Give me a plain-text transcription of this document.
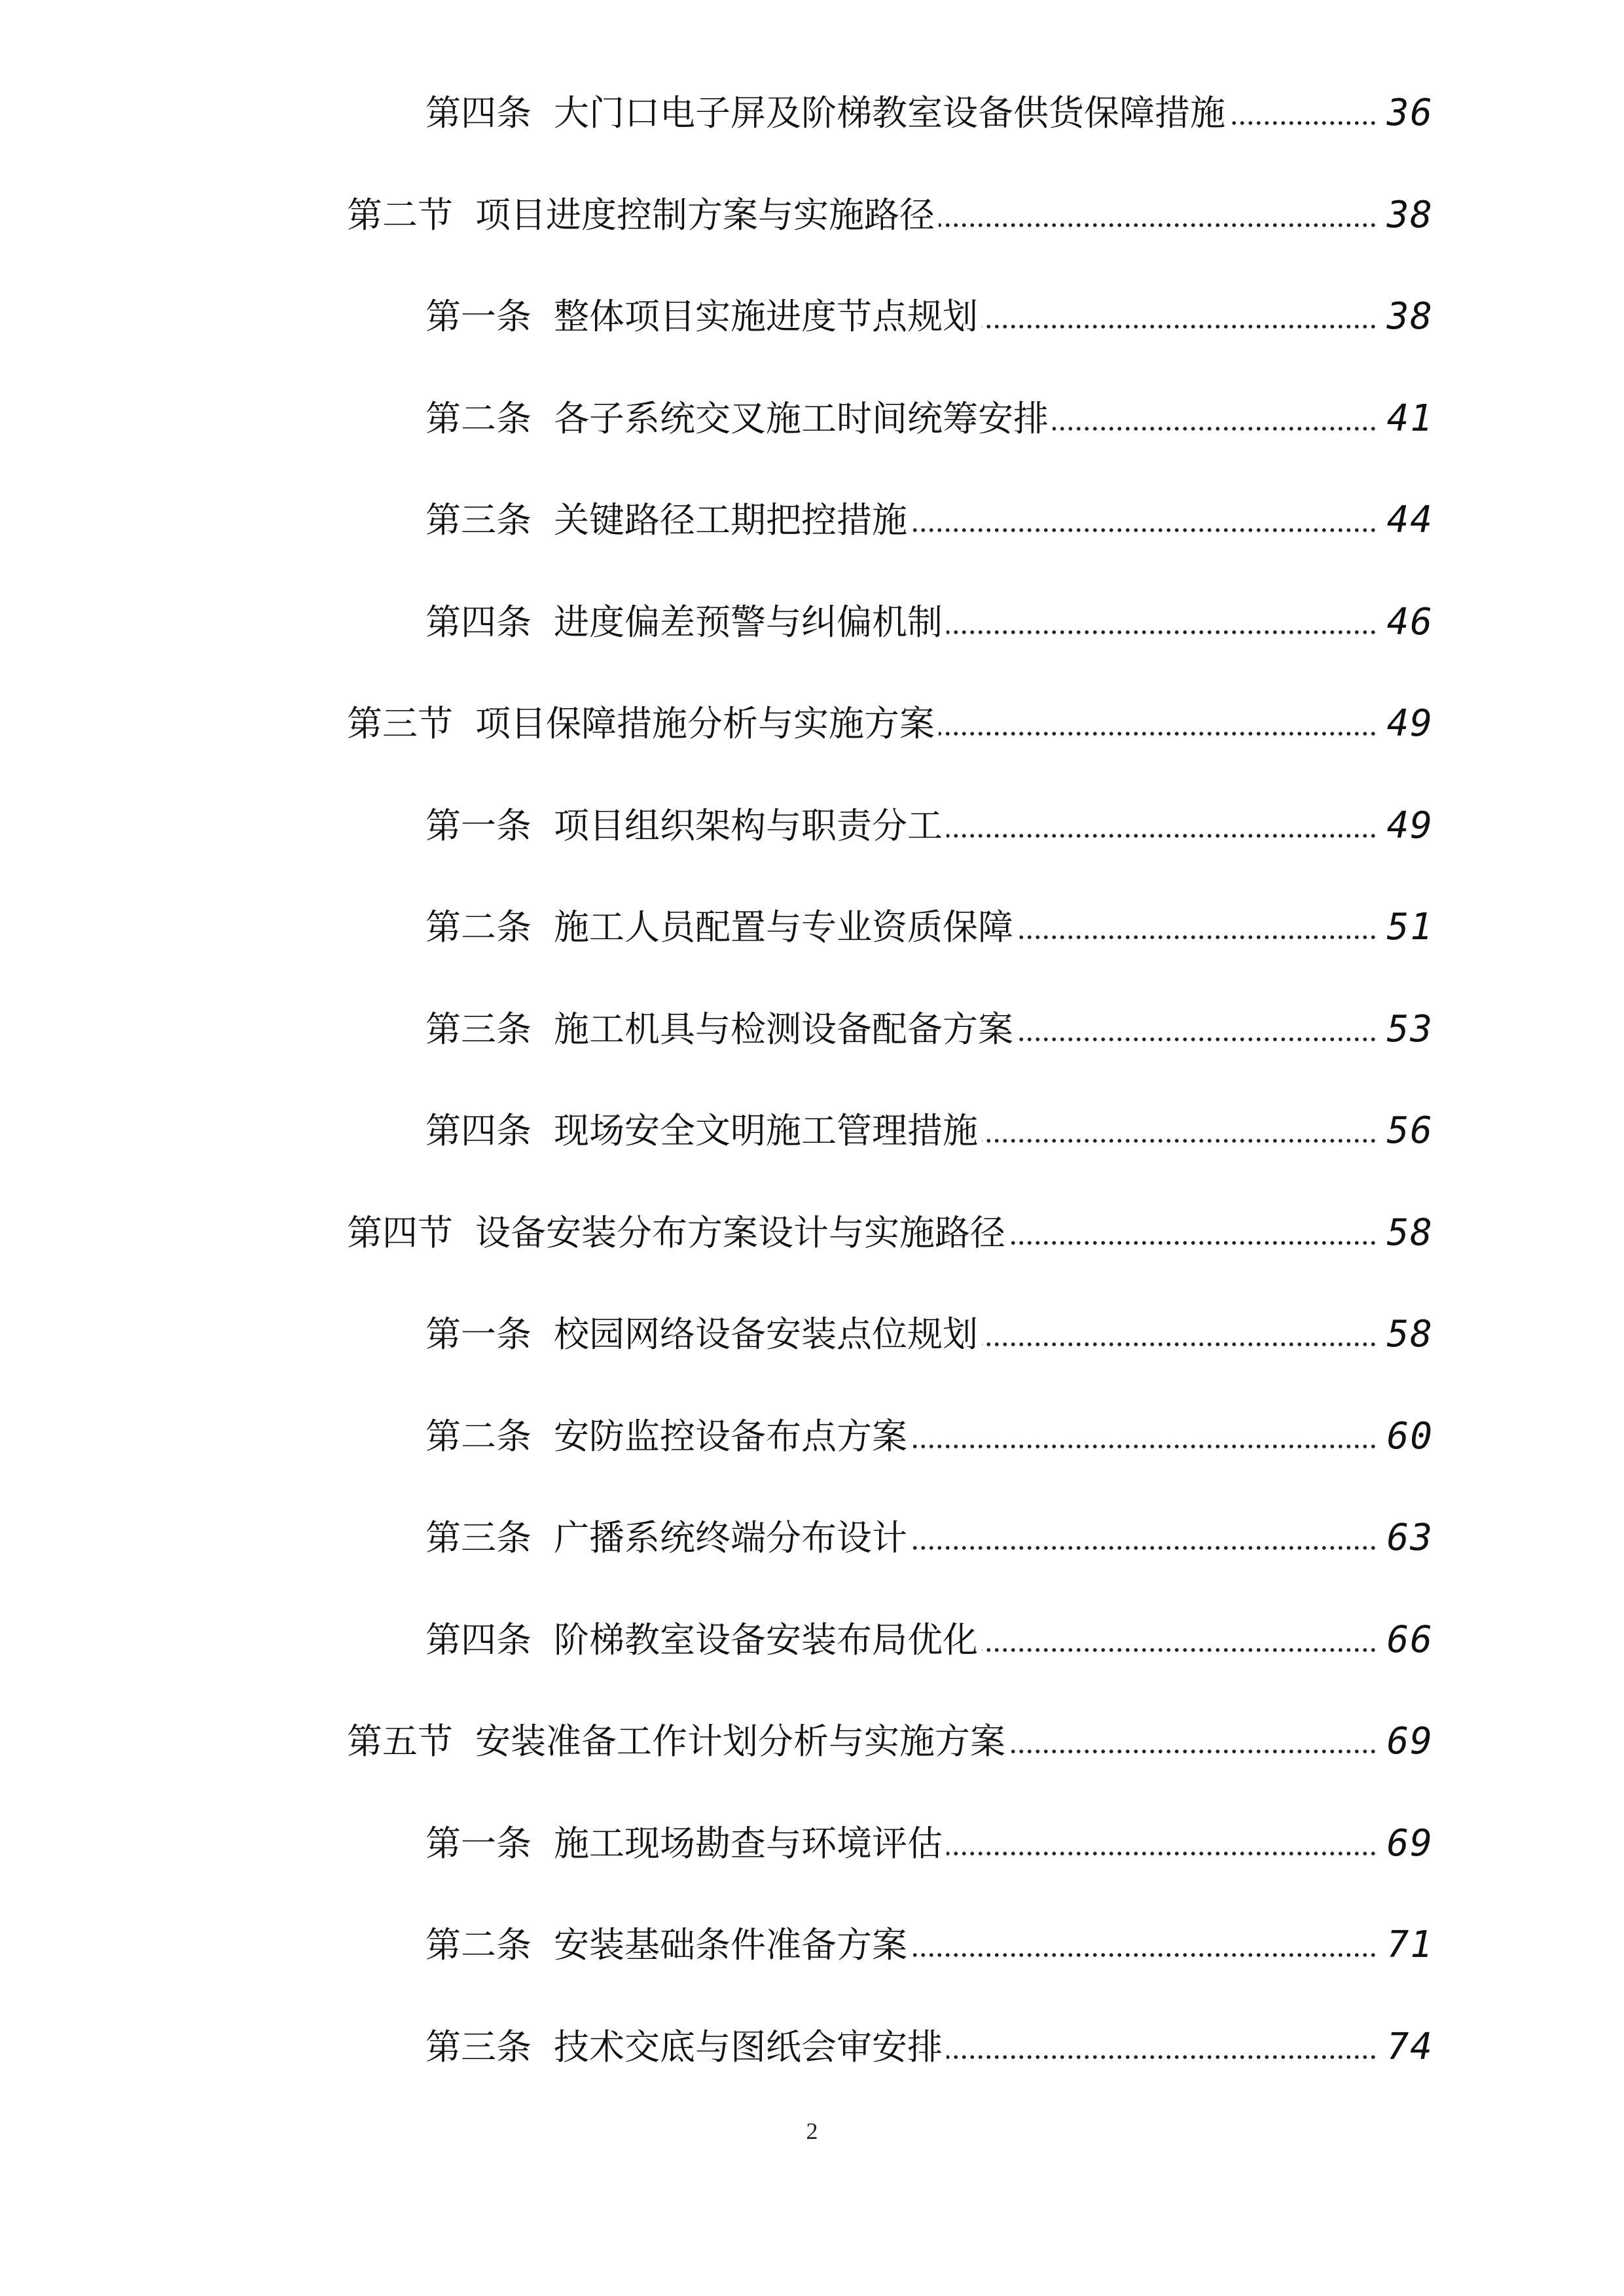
第四条 大门口电子屏及阶梯教室设备供货保障措施	36
第二节 项目进度控制方案与实施路径	38
第一条 整体项目实施进度节点规划	38
第二条 各子系统交叉施工时间统筹安排	41
第三条 关键路径工期把控措施	44
第四条 进度偏差预警与纠偏机制	46
第三节 项目保障措施分析与实施方案	49
第一条 项目组织架构与职责分工	49
第二条 施工人员配置与专业资质保障	51
第三条 施工机具与检测设备配备方案	53
第四条 现场安全文明施工管理措施	56
第四节 设备安装分布方案设计与实施路径	58
第一条 校园网络设备安装点位规划	58
第二条 安防监控设备布点方案	60
第三条 广播系统终端分布设计	63
第四条 阶梯教室设备安装布局优化	66
第五节 安装准备工作计划分析与实施方案	69
第一条 施工现场勘查与环境评估	69
第二条 安装基础条件准备方案	71
第三条 技术交底与图纸会审安排	74
2
